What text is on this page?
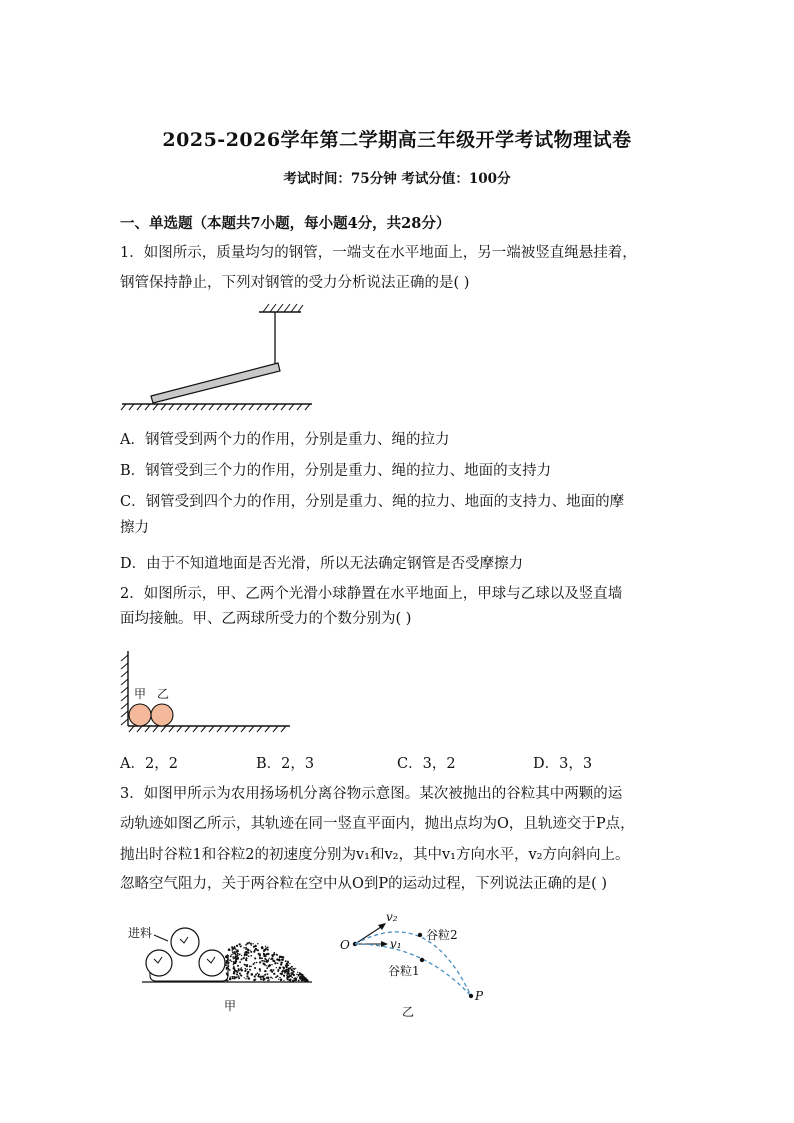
2025-2026学年第二学期高三年级开学考试物理试卷
考试时间：75分钟 考试分值：100分
一、单选题（本题共7小题，每小题4分，共28分）
1．如图所示，质量均匀的钢管，一端支在水平地面上，另一端被竖直绳悬挂着，
钢管保持静止，下列对钢管的受力分析说法正确的是( )
A．钢管受到两个力的作用，分别是重力、绳的拉力
B．钢管受到三个力的作用，分别是重力、绳的拉力、地面的支持力
C．钢管受到四个力的作用，分别是重力、绳的拉力、地面的支持力、地面的摩
擦力
D．由于不知道地面是否光滑，所以无法确定钢管是否受摩擦力
2．如图所示，甲、乙两个光滑小球静置在水平地面上，甲球与乙球以及竖直墙
面均接触。甲、乙两球所受力的个数分别为( )
甲 乙
A．2，2	B．2，3	C．3，2	D．3，3
3．如图甲所示为农用扬场机分离谷物示意图。某次被抛出的谷粒其中两颗的运
动轨迹如图乙所示，其轨迹在同一竖直平面内，抛出点均为O，且轨迹交于P点，
抛出时谷粒1和谷粒2的初速度分别为v₁和v₂，其中v₁方向水平，v₂方向斜向上。
忽略空气阻力，关于两谷粒在空中从O到P的运动过程，下列说法正确的是( )
进料
甲
O	v₁
v₂
谷粒2
谷粒1
P
乙
